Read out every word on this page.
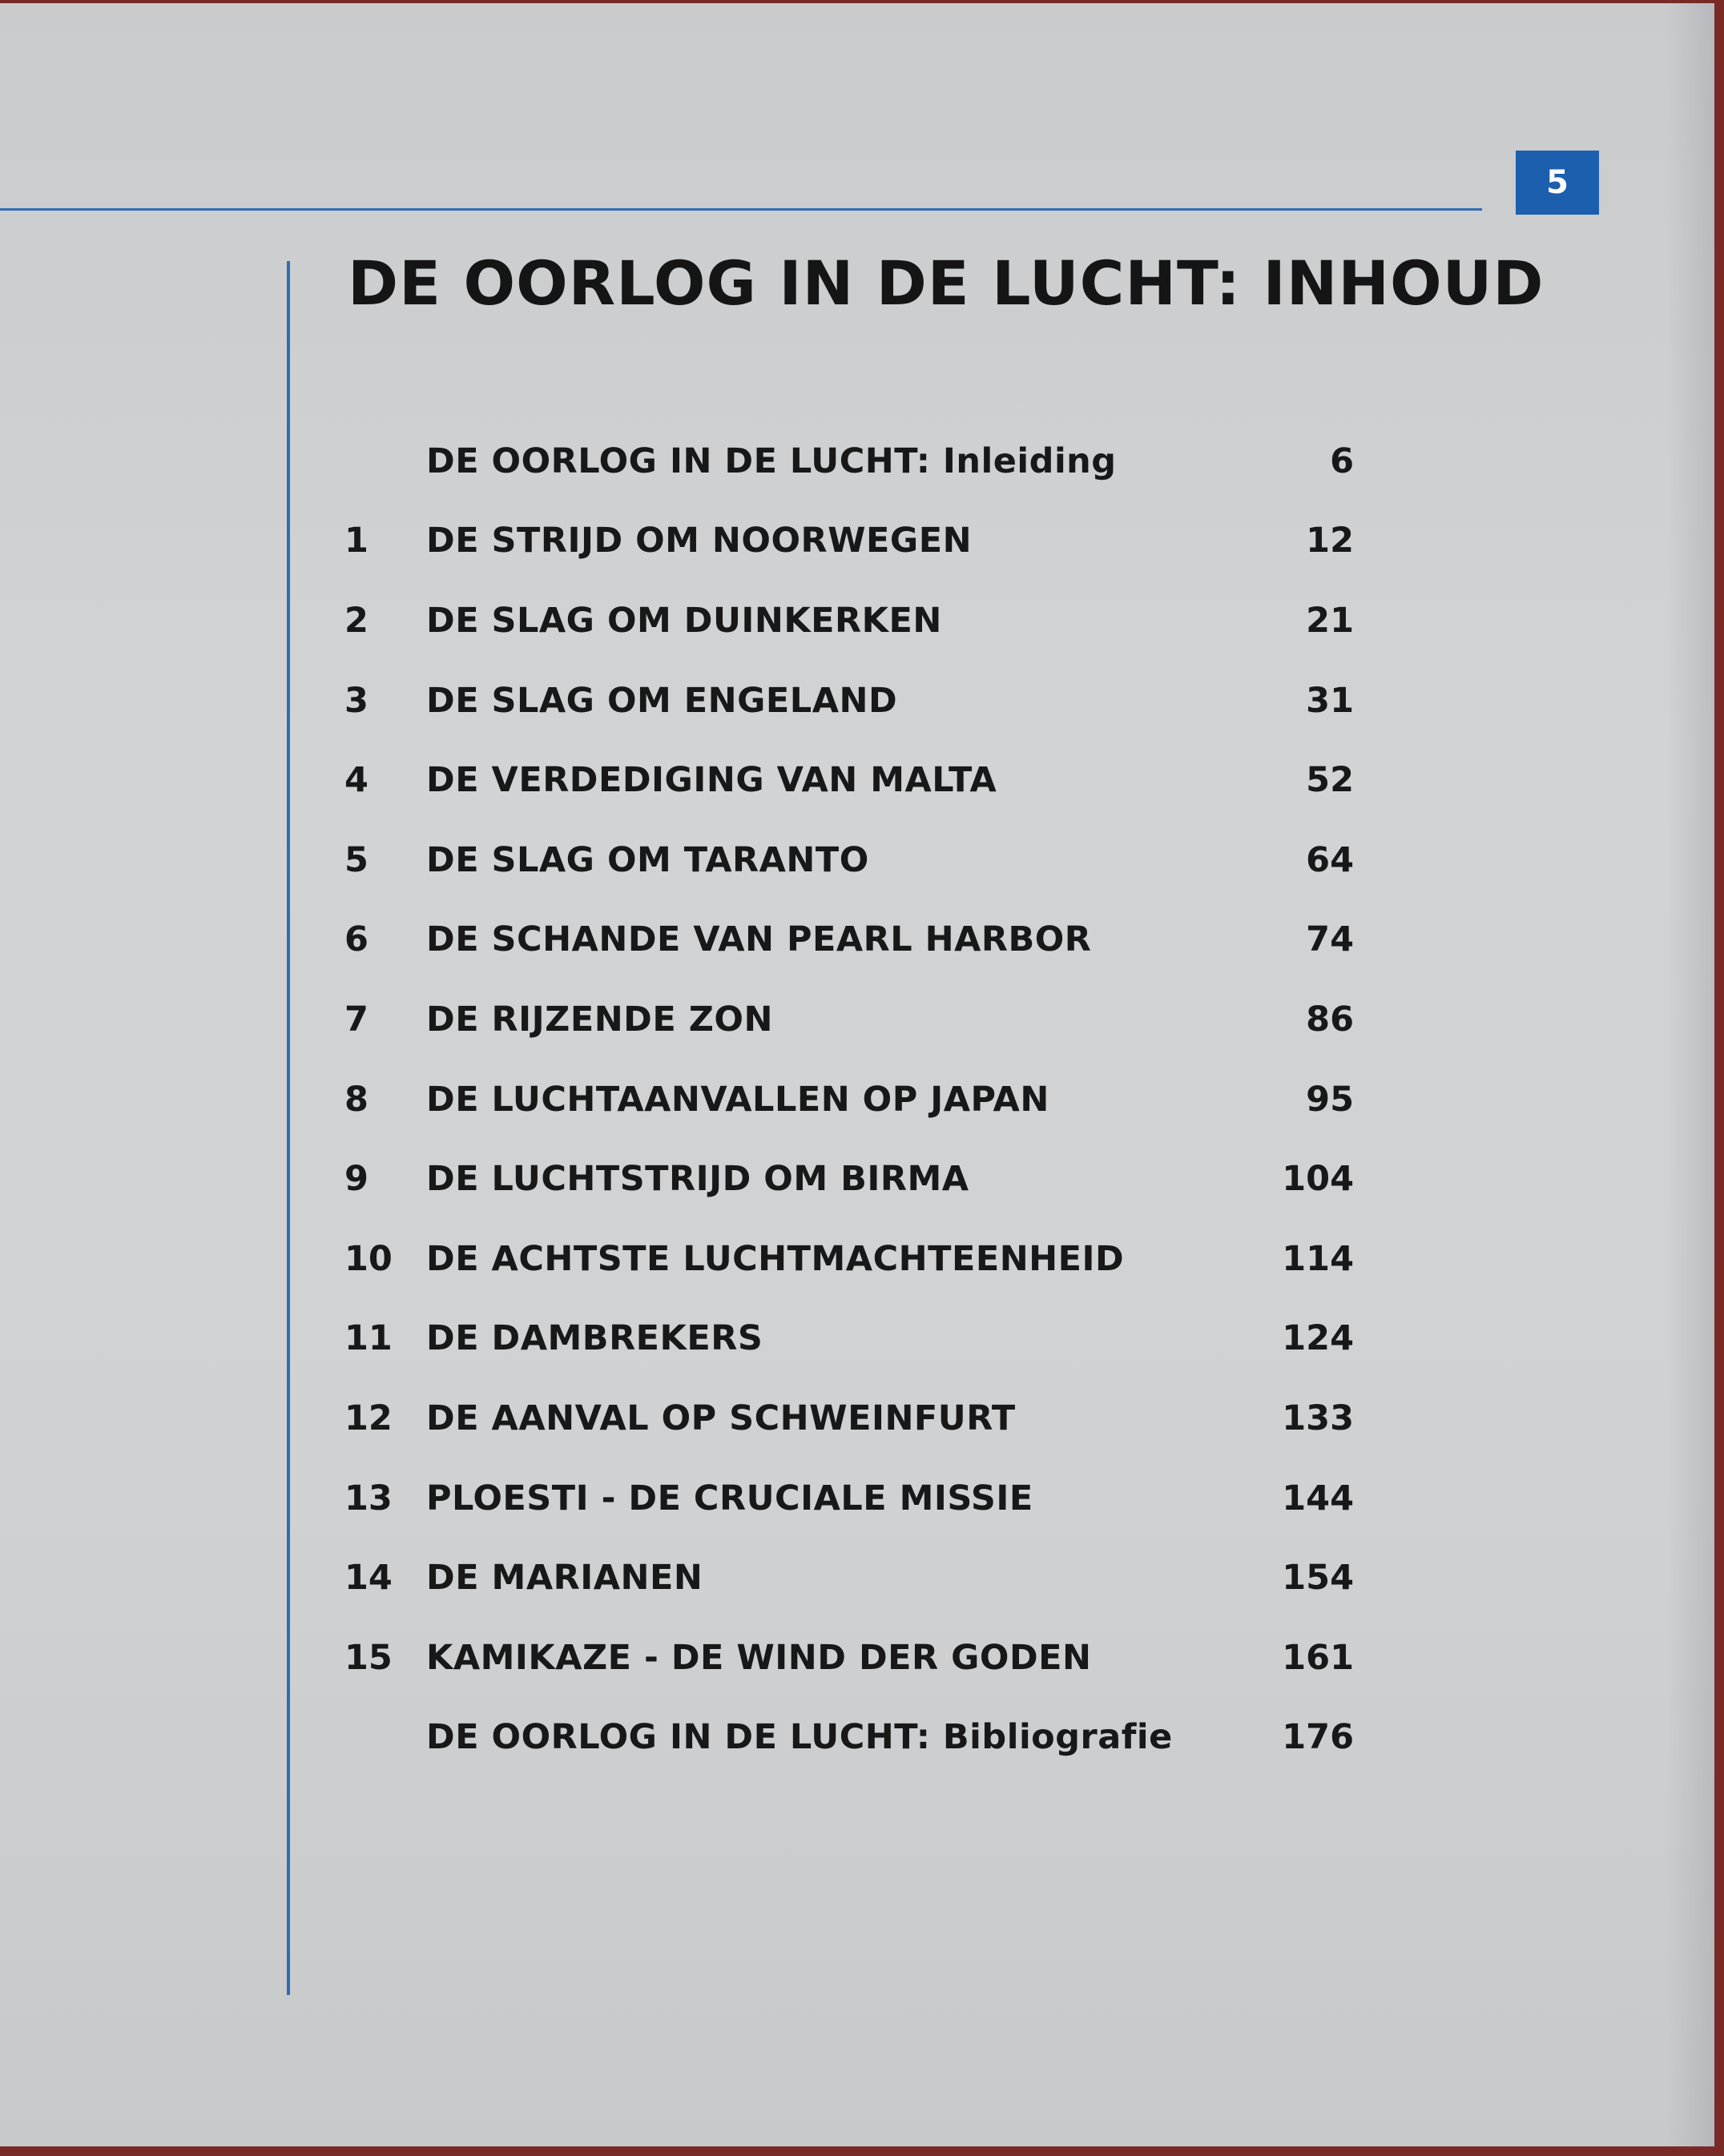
5
DE OORLOG IN DE LUCHT: INHOUD
DE OORLOG IN DE LUCHT: Inleiding	6
1	DE STRIJD OM NOORWEGEN	12
2	DE SLAG OM DUINKERKEN	21
3	DE SLAG OM ENGELAND	31
4	DE VERDEDIGING VAN MALTA	52
5	DE SLAG OM TARANTO	64
6	DE SCHANDE VAN PEARL HARBOR	74
7	DE RIJZENDE ZON	86
8	DE LUCHTAANVALLEN OP JAPAN	95
9	DE LUCHTSTRIJD OM BIRMA	104
10 DE ACHTSTE LUCHTMACHTEENHEID	114
11 DE DAMBREKERS	124
12 DE AANVAL OP SCHWEINFURT	133
13 PLOESTI - DE CRUCIALE MISSIE	144
14 DE MARIANEN	154
15 KAMIKAZE - DE WIND DER GODEN	161
DE OORLOG IN DE LUCHT: Bibliografie	176
